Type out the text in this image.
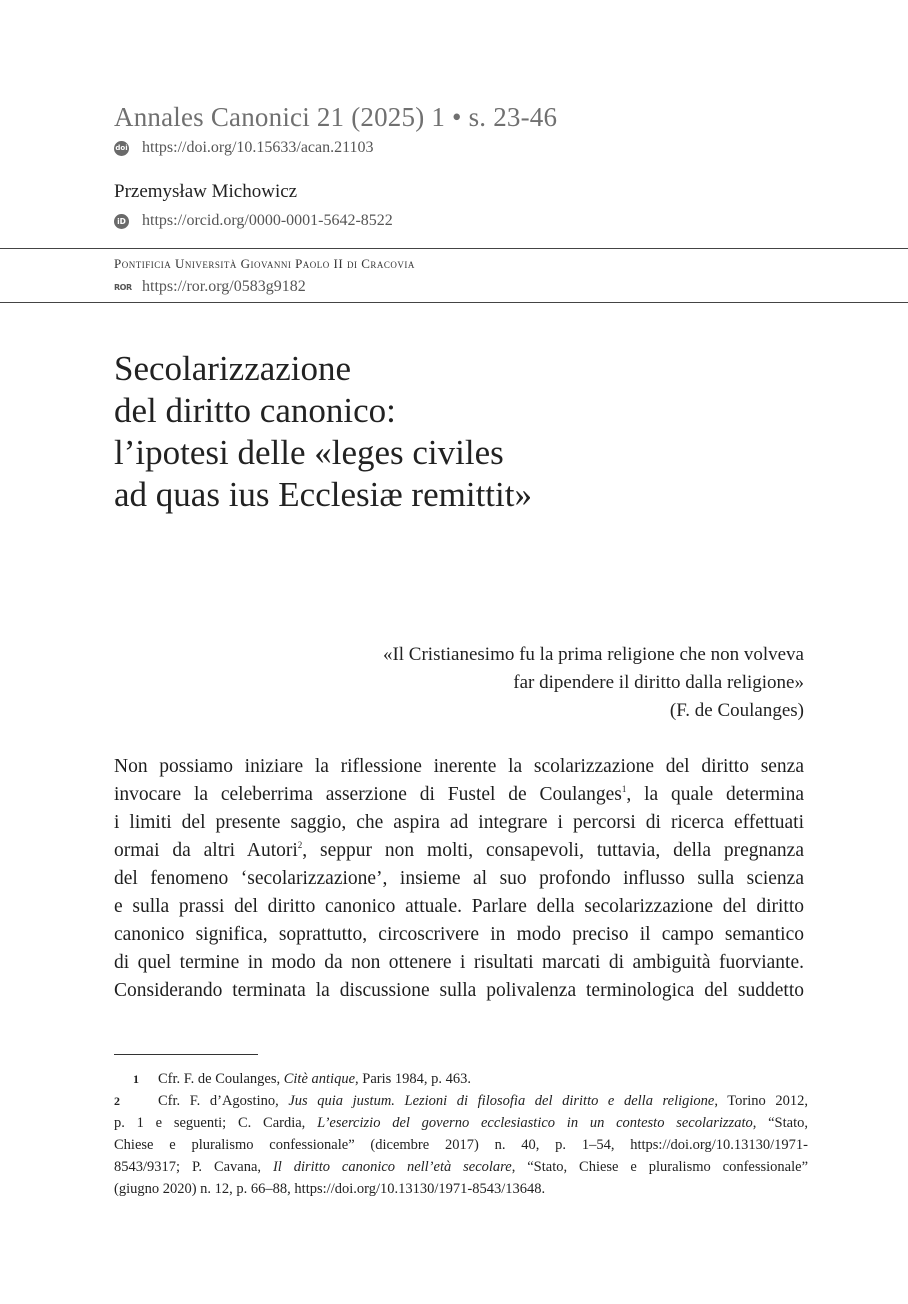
Annales Canonici 21 (2025) 1 • s. 23-46
doi https://doi.org/10.15633/acan.21103
Przemysław Michowicz
iD https://orcid.org/0000-0001-5642-8522
Pontificia Università Giovanni Paolo II di Cracovia
ROR https://ror.org/0583g9182
Secolarizzazione
del diritto canonico:
l’ipotesi delle «leges civiles
ad quas ius Ecclesiæ remittit»
«Il Cristianesimo fu la prima religione che non volveva
far dipendere il diritto dalla religione»
(F. de Coulanges)
Non possiamo iniziare la riflessione inerente la scolarizzazione del diritto senza
invocare la celeberrima asserzione di Fustel de Coulanges$^1$, la quale determina
i limiti del presente saggio, che aspira ad integrare i percorsi di ricerca effettuati
ormai da altri Autori$^2$, seppur non molti, consapevoli, tuttavia, della pregnanza
del fenomeno ‘secolarizzazione’, insieme al suo profondo influsso sulla scienza
e sulla prassi del diritto canonico attuale. Parlare della secolarizzazione del diritto
canonico significa, soprattutto, circoscrivere in modo preciso il campo semantico
di quel termine in modo da non ottenere i risultati marcati di ambiguità fuorviante.
Considerando terminata la discussione sulla polivalenza terminologica del suddetto
1 Cfr. F. de Coulanges, Citè antique, Paris 1984, p. 463.
2	Cfr. F. d’Agostino, Jus quia justum. Lezioni di filosofia del diritto e della religione, Torino 2012,
p. 1 e seguenti; C. Cardia, L’esercizio del governo ecclesiastico in un contesto secolarizzato, “Stato,
Chiese e pluralismo confessionale” (dicembre 2017) n. 40, p. 1–54, https://doi.org/10.13130/1971-
8543/9317; P. Cavana, Il diritto canonico nell’età secolare, “Stato, Chiese e pluralismo confessionale”
(giugno 2020) n. 12, p. 66–88, https://doi.org/10.13130/1971-8543/13648.
